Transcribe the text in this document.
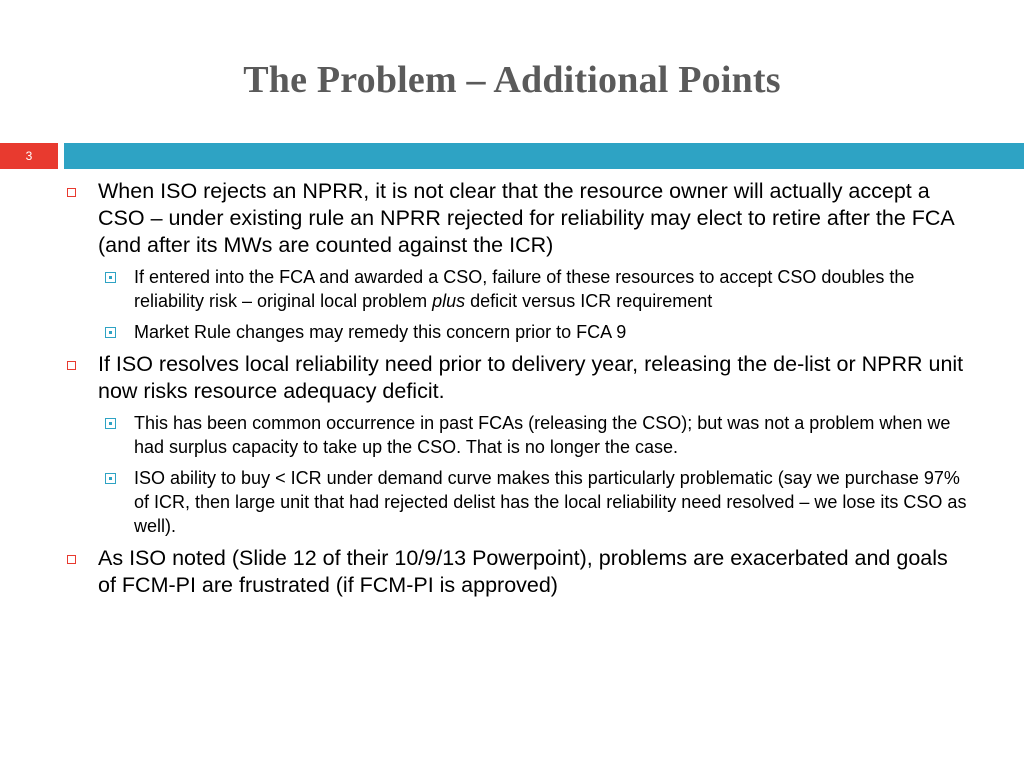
The Problem – Additional Points
3
When ISO rejects an NPRR, it is not clear that the resource owner will actually accept a CSO – under existing rule an NPRR rejected for reliability may elect to retire after the FCA (and after its MWs are counted against the ICR)
If entered into the FCA and awarded a CSO, failure of these resources to accept CSO doubles the reliability risk – original local problem plus deficit versus ICR requirement
Market Rule changes may remedy this concern prior to FCA 9
If ISO resolves local reliability need prior to delivery year, releasing the de-list or NPRR unit now risks resource adequacy deficit.
This has been common occurrence in past FCAs (releasing the CSO); but was not a problem when we had surplus capacity to take up the CSO. That is no longer the case.
ISO ability to buy < ICR under demand curve makes this particularly problematic (say we purchase 97% of ICR, then large unit that had rejected delist has the local reliability need resolved – we lose its CSO as well).
As ISO noted (Slide 12 of their 10/9/13 Powerpoint), problems are exacerbated and goals of FCM-PI are frustrated (if FCM-PI is approved)
